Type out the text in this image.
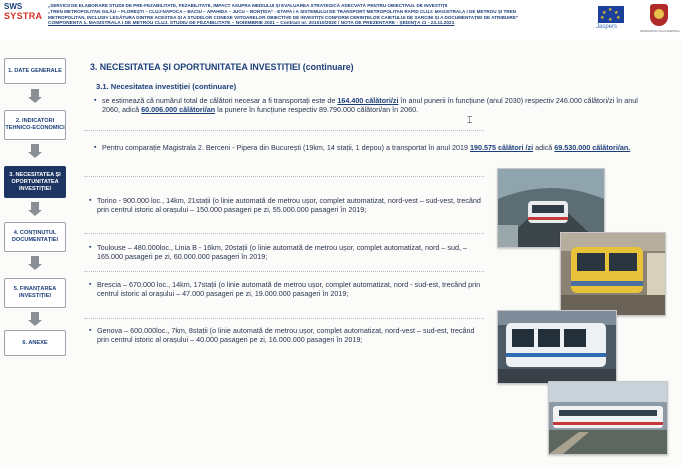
SWS
SYSTRA
„SERVICII DE ELABORARE STUDII DE PRE-FEZABILITATE, FEZABILITATE, IMPACT ASUPRA MEDIULUI ȘI EVALUAREA STRATEGICĂ ADECVATĂ PENTRU OBIECTIVUL DE INVESTIȚII
„TREN METROPOLITAN GILĂU – FLOREȘTI – CLUJ-NAPOCA – BACIU – APAHIDA – JUCU – BONȚIDA” - ETAPA I A SISTEMULUI DE TRANSPORT METROPOLITAN RAPID CLUJ: MAGISTRALA I DE METROU ȘI TREN
METROPOLITAN, INCLUSIV LEGĂTURA DINTRE ACESTEA ȘI A STUDIILOR CONEXE VIITOARELOR OBIECTIVE DE INVESTIȚII CONFORM CERINȚELOR CAIETULUI DE SARCINI ȘI A DOCUMENTAȚIEI DE ATRIBUIRE”
COMPONENTA 1. MAGISTRALA I DE METROU CLUJ. STUDIU DE FEZABILITATE – NOIEMBRIE 2021 – Contract nr. 201010/2020 / NOTA DE PREZENTARE - ȘEDINȚA CI - 23.11.2021
★
★ ★
★ ★
★
Jaspers
MUNICIPIUL CLUJ-NAPOCA
1. DATE GENERALE
2. INDICATORI TEHNICO-ECONOMICI
3. NECESITATEA ȘI OPORTUNITATEA INVESTIȚIEI
4. CONȚINUTUL DOCUMENTAȚIEI
5. FINANȚAREA INVESTIȚIEI
6. ANEXE
3. NECESITATEA ȘI OPORTUNITATEA INVESTIȚIEI (continuare)
3.1. Necesitatea investiției (continuare)
▪ se estimează că numărul total de călători necesar a fi transportați este de 164.400 călători/zi în anul punerii în funcțiune (anul 2030) respectiv 246.000 călători/zi în anul 2060, adică 60.006.000 călători/an la punere în funcțiune respectiv 89.790.000 călători/an în 2060.
▪ Pentru comparație Magistrala 2. Berceni - Pipera din București (19km, 14 stații, 1 depou) a transportat în anul 2019 190.575 călători /zi adică 69.530.000 călători/an.
▪ Torino - 900.000 loc., 14km, 21stații (o linie automată de metrou ușor, complet automatizat, nord-vest – sud-vest, trecând prin centrul istoric al orașului – 150.000 pasageri pe zi, 55.000.000 pasageri în 2019;
▪ Toulouse – 480.000loc., Linia B - 16km, 20stații (o linie automată de metrou ușor, complet automatizat, nord – sud, – 165.000 pasageri pe zi, 60.000.000 pasageri în 2019;
▪ Brescia – 670.000 loc., 14km, 17stații (o linie automată de metrou ușor, complet automatizat, nord - sud-est, trecând prin centrul istoric al orașului – 47.000 pasageri pe zi, 19.000.000 pasageri în 2019;
▪ Genova – 600.000loc., 7km, 8stații (o linie automată de metrou ușor, complet automatizat, nord-vest – sud-est, trecând prin centrul istoric al orașului – 40.000 pasageri pe zi, 16.000.000 pasageri în 2019;
⌶
